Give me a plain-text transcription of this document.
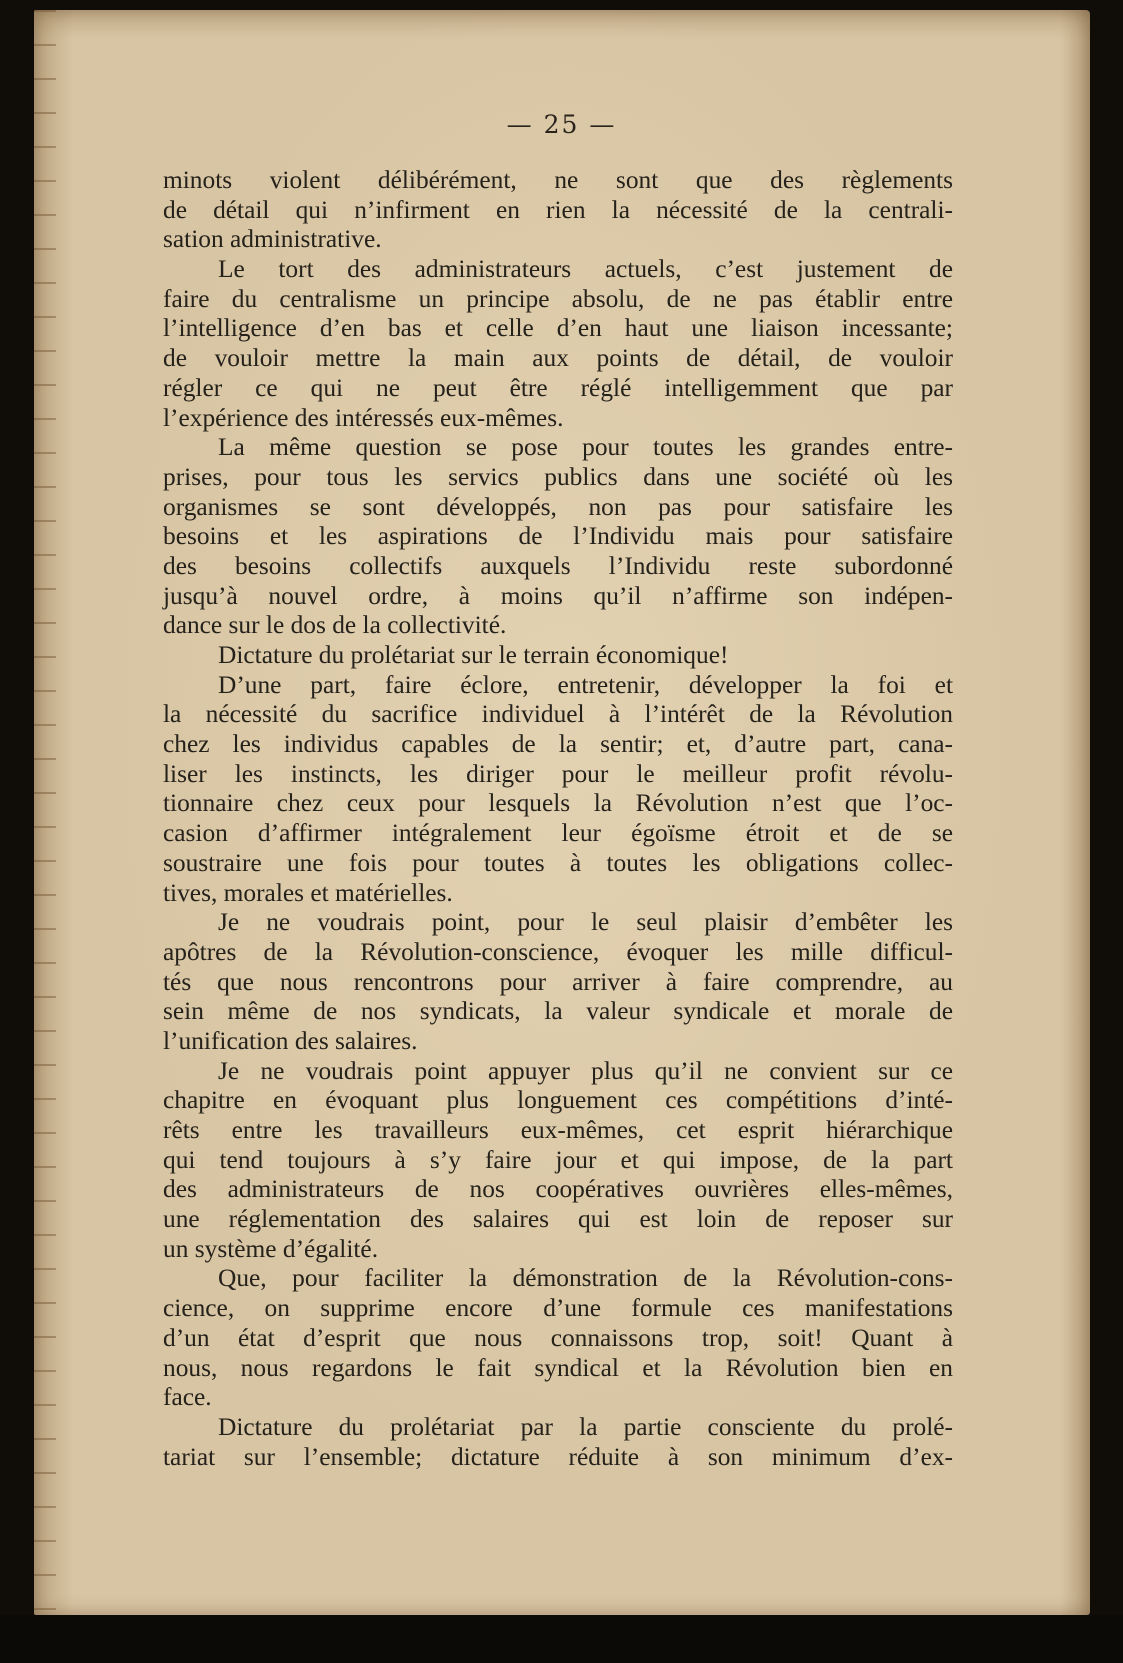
— 25 —
minots violent délibérément, ne sont que des règlements
de détail qui n’infirment en rien la nécessité de la centrali-
sation administrative.
Le tort des administrateurs actuels, c’est justement de
faire du centralisme un principe absolu, de ne pas établir entre
l’intelligence d’en bas et celle d’en haut une liaison incessante;
de vouloir mettre la main aux points de détail, de vouloir
régler ce qui ne peut être réglé intelligemment que par
l’expérience des intéressés eux-mêmes.
La même question se pose pour toutes les grandes entre-
prises, pour tous les servics publics dans une société où les
organismes se sont développés, non pas pour satisfaire les
besoins et les aspirations de l’Individu mais pour satisfaire
des besoins collectifs auxquels l’Individu reste subordonné
jusqu’à nouvel ordre, à moins qu’il n’affirme son indépen-
dance sur le dos de la collectivité.
Dictature du prolétariat sur le terrain économique!
D’une part, faire éclore, entretenir, développer la foi et
la nécessité du sacrifice individuel à l’intérêt de la Révolution
chez les individus capables de la sentir; et, d’autre part, cana-
liser les instincts, les diriger pour le meilleur profit révolu-
tionnaire chez ceux pour lesquels la Révolution n’est que l’oc-
casion d’affirmer intégralement leur égoïsme étroit et de se
soustraire une fois pour toutes à toutes les obligations collec-
tives, morales et matérielles.
Je ne voudrais point, pour le seul plaisir d’embêter les
apôtres de la Révolution-conscience, évoquer les mille difficul-
tés que nous rencontrons pour arriver à faire comprendre, au
sein même de nos syndicats, la valeur syndicale et morale de
l’unification des salaires.
Je ne voudrais point appuyer plus qu’il ne convient sur ce
chapitre en évoquant plus longuement ces compétitions d’inté-
rêts entre les travailleurs eux-mêmes, cet esprit hiérarchique
qui tend toujours à s’y faire jour et qui impose, de la part
des administrateurs de nos coopératives ouvrières elles-mêmes,
une réglementation des salaires qui est loin de reposer sur
un système d’égalité.
Que, pour faciliter la démonstration de la Révolution-cons-
cience, on supprime encore d’une formule ces manifestations
d’un état d’esprit que nous connaissons trop, soit! Quant à
nous, nous regardons le fait syndical et la Révolution bien en
face.
Dictature du prolétariat par la partie consciente du prolé-
tariat sur l’ensemble; dictature réduite à son minimum d’ex-
